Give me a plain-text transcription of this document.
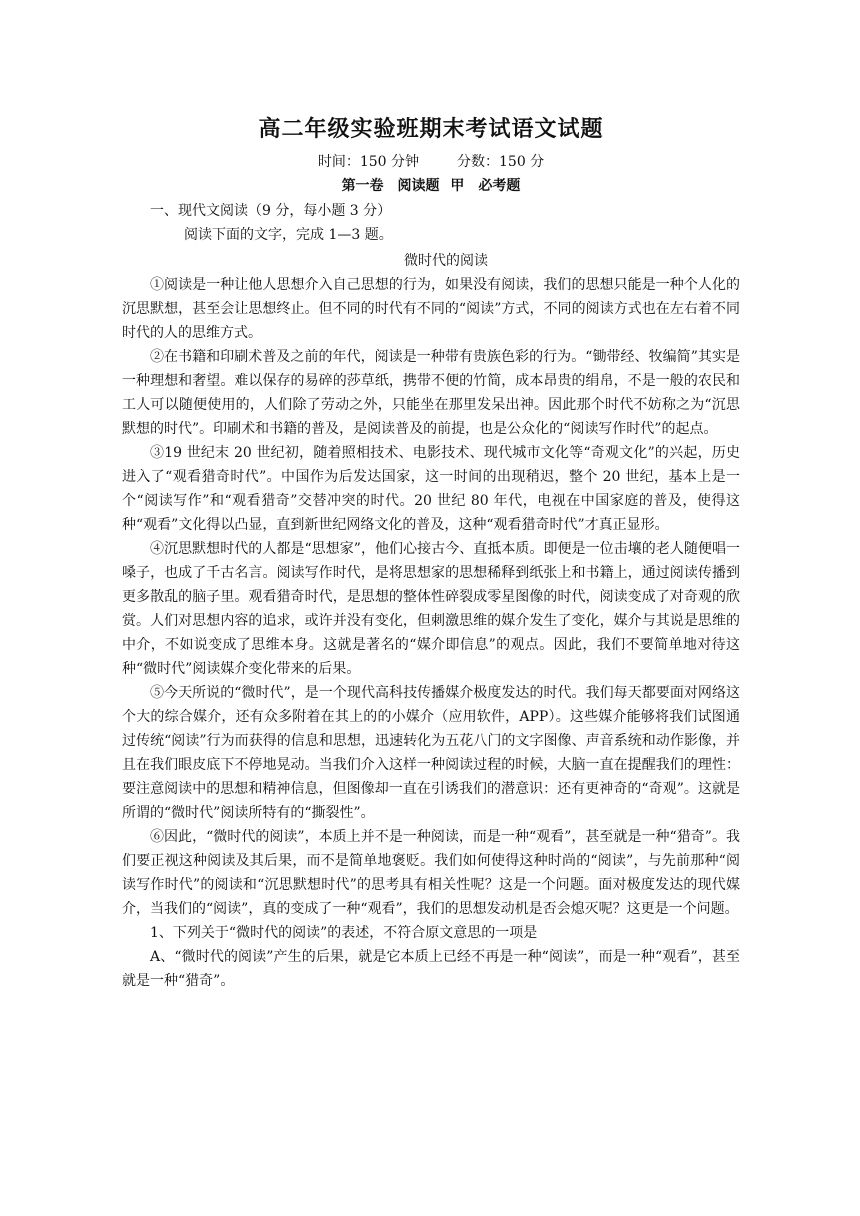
高二年级实验班期末考试语文试题
时间：150 分钟	分数：150 分
第一卷　阅读题 甲　必考题
一、现代文阅读（9 分，每小题 3 分）
阅读下面的文字，完成 1—3 题。
微时代的阅读

①阅读是一种让他人思想介入自己思想的行为，如果没有阅读，我们的思想只能是一种个人化的沉思默想，甚至会让思想终止。但不同的时代有不同的“阅读”方式，不同的阅读方式也在左右着不同时代的人的思维方式。

②在书籍和印刷术普及之前的年代，阅读是一种带有贵族色彩的行为。“锄带经、牧编简”其实是一种理想和奢望。难以保存的易碎的莎草纸，携带不便的竹简，成本昂贵的绢帛，不是一般的农民和工人可以随便使用的，人们除了劳动之外，只能坐在那里发呆出神。因此那个时代不妨称之为“沉思默想的时代”。印刷术和书籍的普及，是阅读普及的前提，也是公众化的“阅读写作时代”的起点。

③19 世纪末 20 世纪初，随着照相技术、电影技术、现代城市文化等“奇观文化”的兴起，历史进入了“观看猎奇时代”。中国作为后发达国家，这一时间的出现稍迟，整个 20 世纪，基本上是一个“阅读写作”和“观看猎奇”交替冲突的时代。20 世纪 80 年代，电视在中国家庭的普及，使得这种“观看”文化得以凸显，直到新世纪网络文化的普及，这种“观看猎奇时代”才真正显形。

④沉思默想时代的人都是“思想家”，他们心接古今、直抵本质。即便是一位击壤的老人随便唱一嗓子，也成了千古名言。阅读写作时代，是将思想家的思想稀释到纸张上和书籍上，通过阅读传播到更多散乱的脑子里。观看猎奇时代，是思想的整体性碎裂成零星图像的时代，阅读变成了对奇观的欣赏。人们对思想内容的追求，或许并没有变化，但刺激思维的媒介发生了变化，媒介与其说是思维的中介，不如说变成了思维本身。这就是著名的“媒介即信息”的观点。因此，我们不要简单地对待这种“微时代”阅读媒介变化带来的后果。

⑤今天所说的“微时代”，是一个现代高科技传播媒介极度发达的时代。我们每天都要面对网络这个大的综合媒介，还有众多附着在其上的的小媒介（应用软件，APP）。这些媒介能够将我们试图通过传统“阅读”行为而获得的信息和思想，迅速转化为五花八门的文字图像、声音系统和动作影像，并且在我们眼皮底下不停地晃动。当我们介入这样一种阅读过程的时候，大脑一直在提醒我们的理性：要注意阅读中的思想和精神信息，但图像却一直在引诱我们的潜意识：还有更神奇的“奇观”。这就是所谓的“微时代”阅读所特有的“撕裂性”。

⑥因此，“微时代的阅读”，本质上并不是一种阅读，而是一种“观看”，甚至就是一种“猎奇”。我们要正视这种阅读及其后果，而不是简单地褒贬。我们如何使得这种时尚的“阅读”，与先前那种“阅读写作时代”的阅读和“沉思默想时代”的思考具有相关性呢？这是一个问题。面对极度发达的现代媒介，当我们的“阅读”，真的变成了一种“观看”，我们的思想发动机是否会熄灭呢？这更是一个问题。

1、下列关于“微时代的阅读”的表述，不符合原文意思的一项是

A、“微时代的阅读”产生的后果，就是它本质上已经不再是一种“阅读”，而是一种“观看”，甚至就是一种“猎奇”。
